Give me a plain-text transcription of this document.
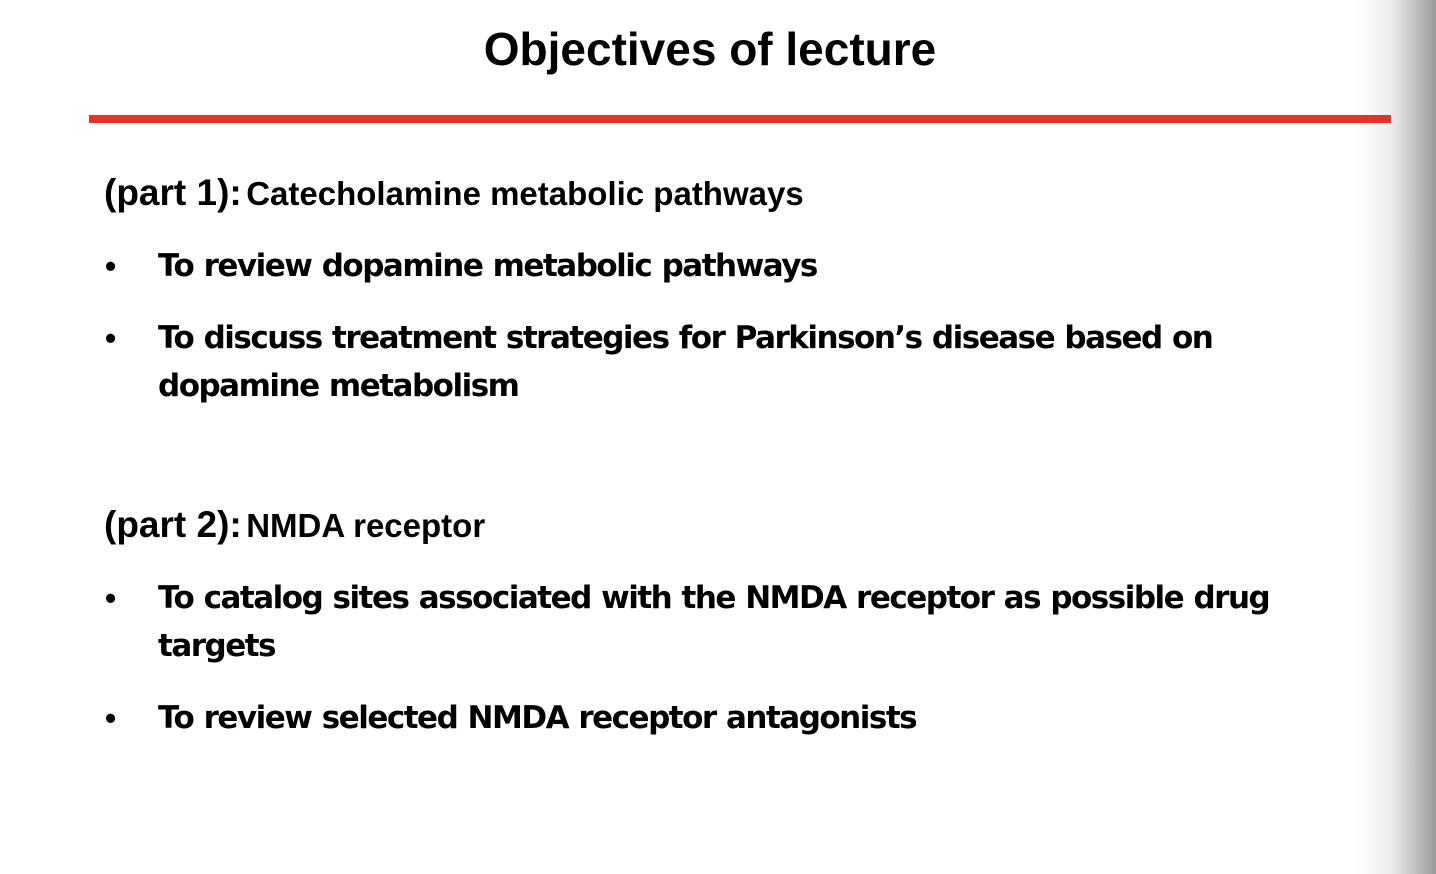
Objectives of lecture
(part 1): Catecholamine metabolic pathways
• To review dopamine metabolic pathways
• To discuss treatment strategies for Parkinson’s disease based on dopamine metabolism
(part 2): NMDA receptor
• To catalog sites associated with the NMDA receptor as possible drug targets
• To review selected NMDA receptor antagonists
